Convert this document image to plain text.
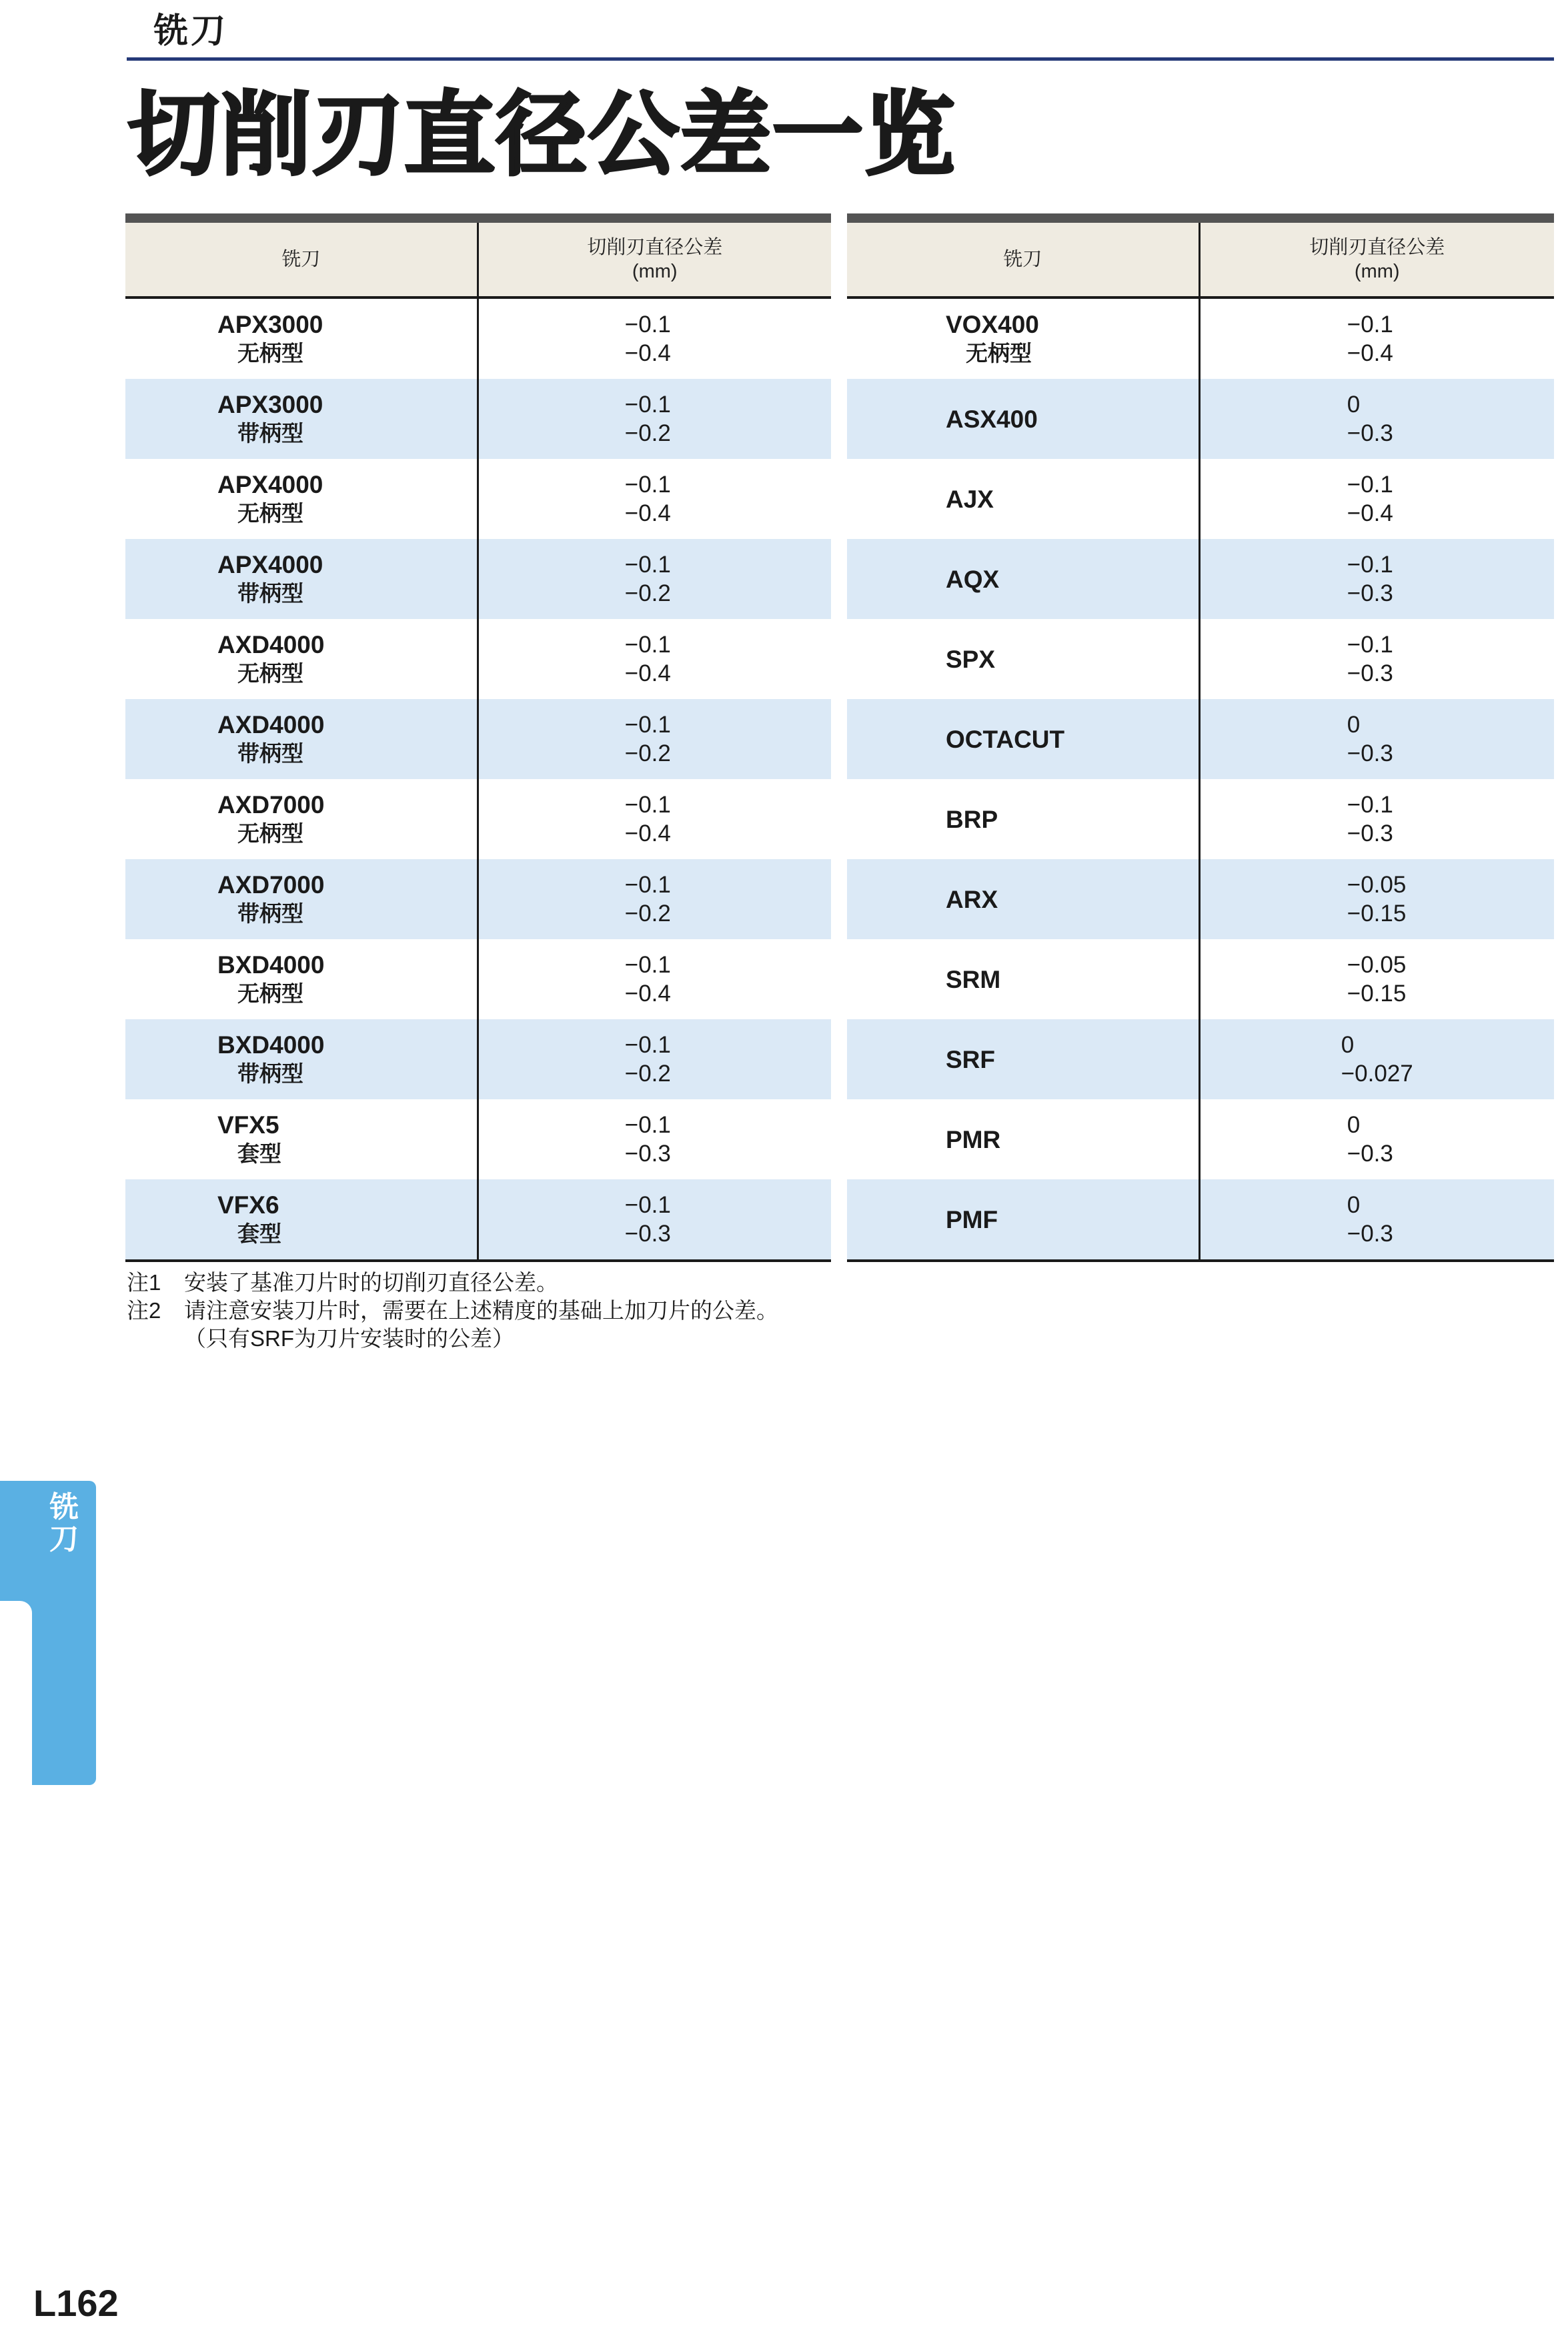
铣刀
切削刃直径公差一览

铣刀	切削刃直径公差
(mm)

APX3000
无柄型	−0.1
−0.4

APX3000
带柄型	−0.1
−0.2

APX4000
无柄型	−0.1
−0.4

APX4000
带柄型	−0.1
−0.2

AXD4000
无柄型	−0.1
−0.4

AXD4000
带柄型	−0.1
−0.2

AXD7000
无柄型	−0.1
−0.4

AXD7000
带柄型	−0.1
−0.2

BXD4000
无柄型	−0.1
−0.4

BXD4000
带柄型	−0.1
−0.2

VFX5
套型	−0.1
−0.3

VFX6
套型	−0.1
−0.3

铣刀	切削刃直径公差
(mm)

VOX400
无柄型	−0.1
−0.4

ASX400	0
−0.3

AJX	−0.1
−0.4

AQX	−0.1
−0.3

SPX	−0.1
−0.3

OCTACUT	0
−0.3

BRP	−0.1
−0.3

ARX	−0.05
−0.15

SRM	−0.05
−0.15

SRF	0
−0.027

PMR	0
−0.3

PMF	0
−0.3
注1	安装了基准刀片时的切削刃直径公差。
注2	请注意安装刀片时，需要在上述精度的基础上加刀片的公差。
（只有SRF为刀片安装时的公差）
铣
刀
L162
